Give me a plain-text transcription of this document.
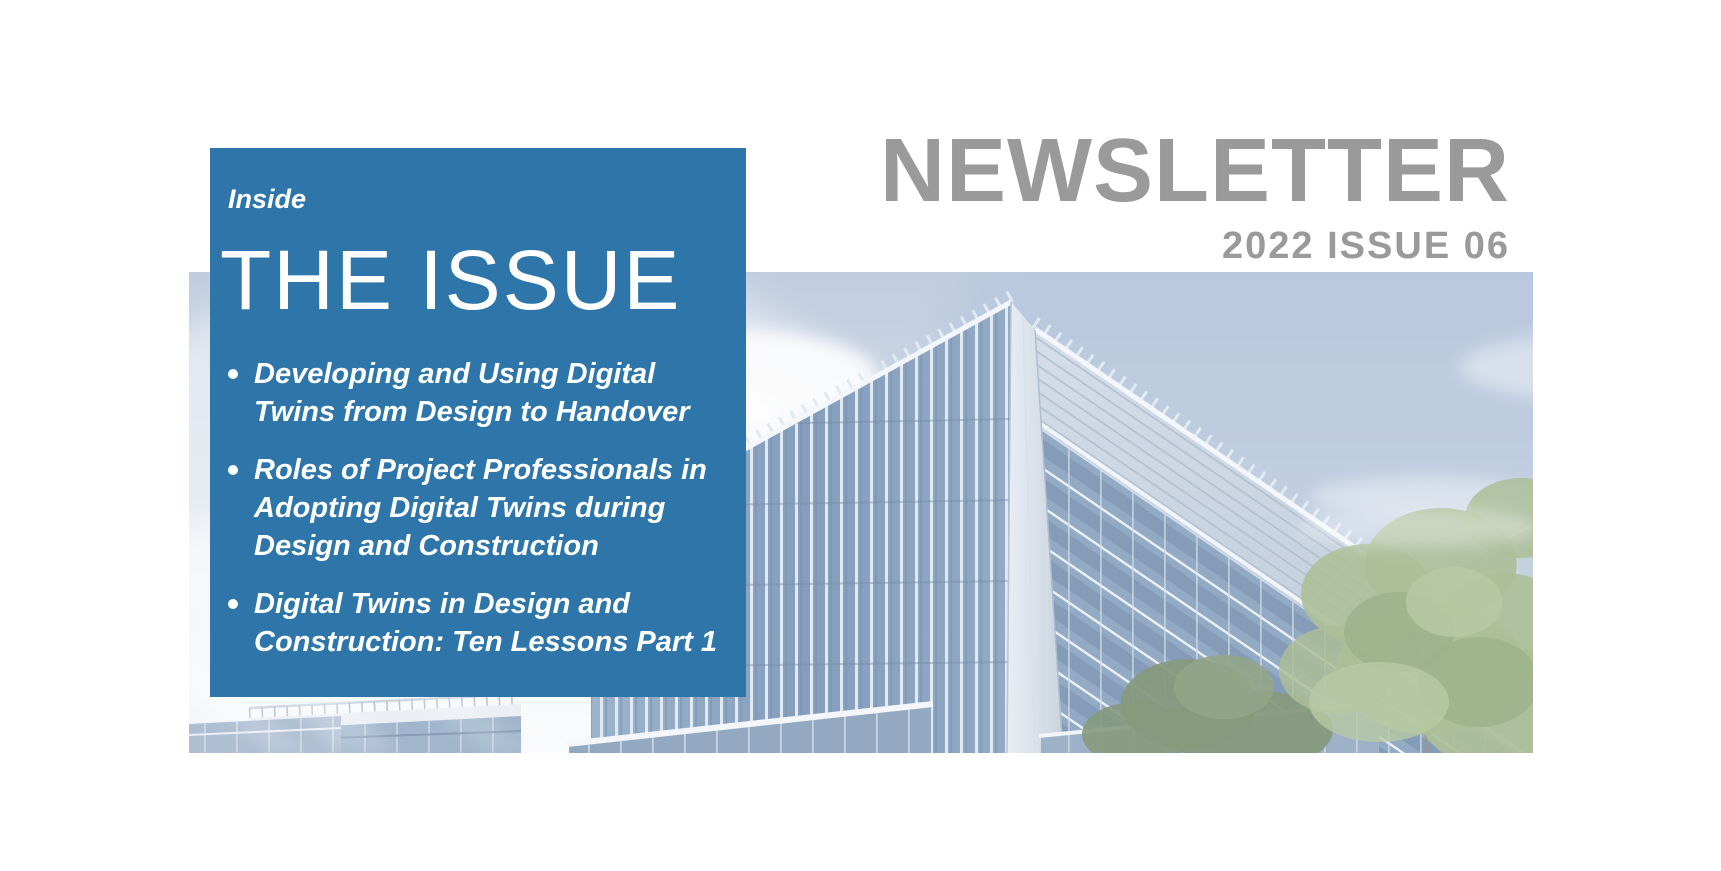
NEWSLETTER
2022 ISSUE 06
Inside
THE ISSUE
Developing and Using Digital Twins from Design to Handover
Roles of Project Professionals in Adopting Digital Twins during Design and Construction
Digital Twins in Design and Construction: Ten Lessons Part 1
